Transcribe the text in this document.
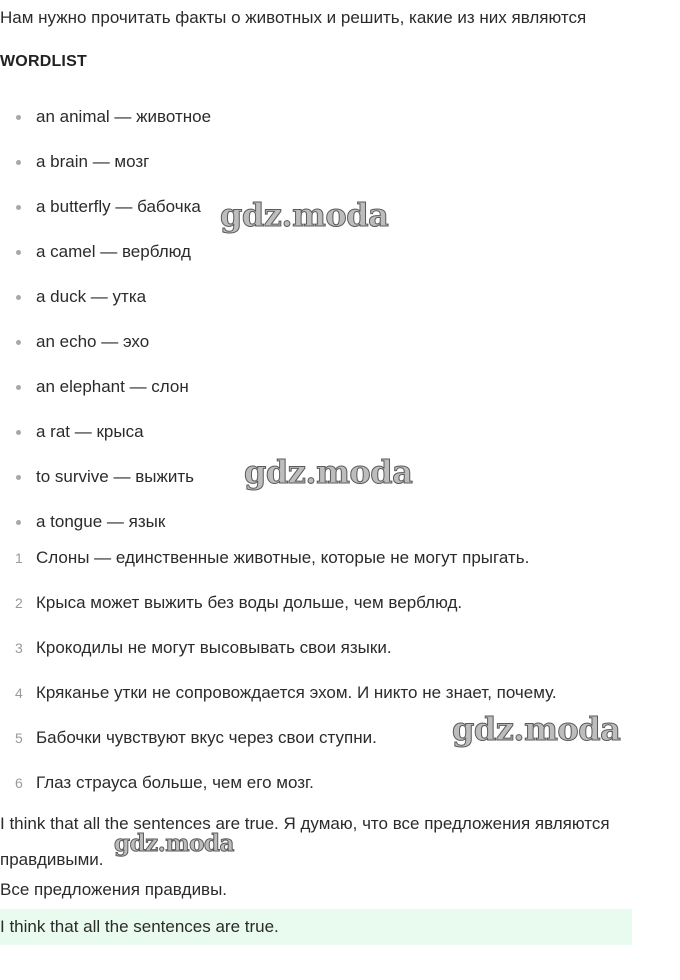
Нам нужно прочитать факты о животных и решить, какие из них являются

WORDLIST
an animal — животное
a brain — мозг
a butterfly — бабочка
a camel — верблюд
a duck — утка
an echo — эхо
an elephant — слон
a rat — крыса
to survive — выжить
a tongue — язык
1 Слоны — единственные животные, которые не могут прыгать.
2 Крыса может выжить без воды дольше, чем верблюд.
3 Крокодилы не могут высовывать свои языки.
4 Кряканье утки не сопровождается эхом. И никто не знает, почему.
5 Бабочки чувствуют вкус через свои ступни.
6 Глаз страуса больше, чем его мозг.

I think that all the sentences are true. Я думаю, что все предложения являются правдивыми.

Все предложения правдивы.

I think that all the sentences are true.

gdz.moda
gdz.moda
gdz.moda
gdz.moda
